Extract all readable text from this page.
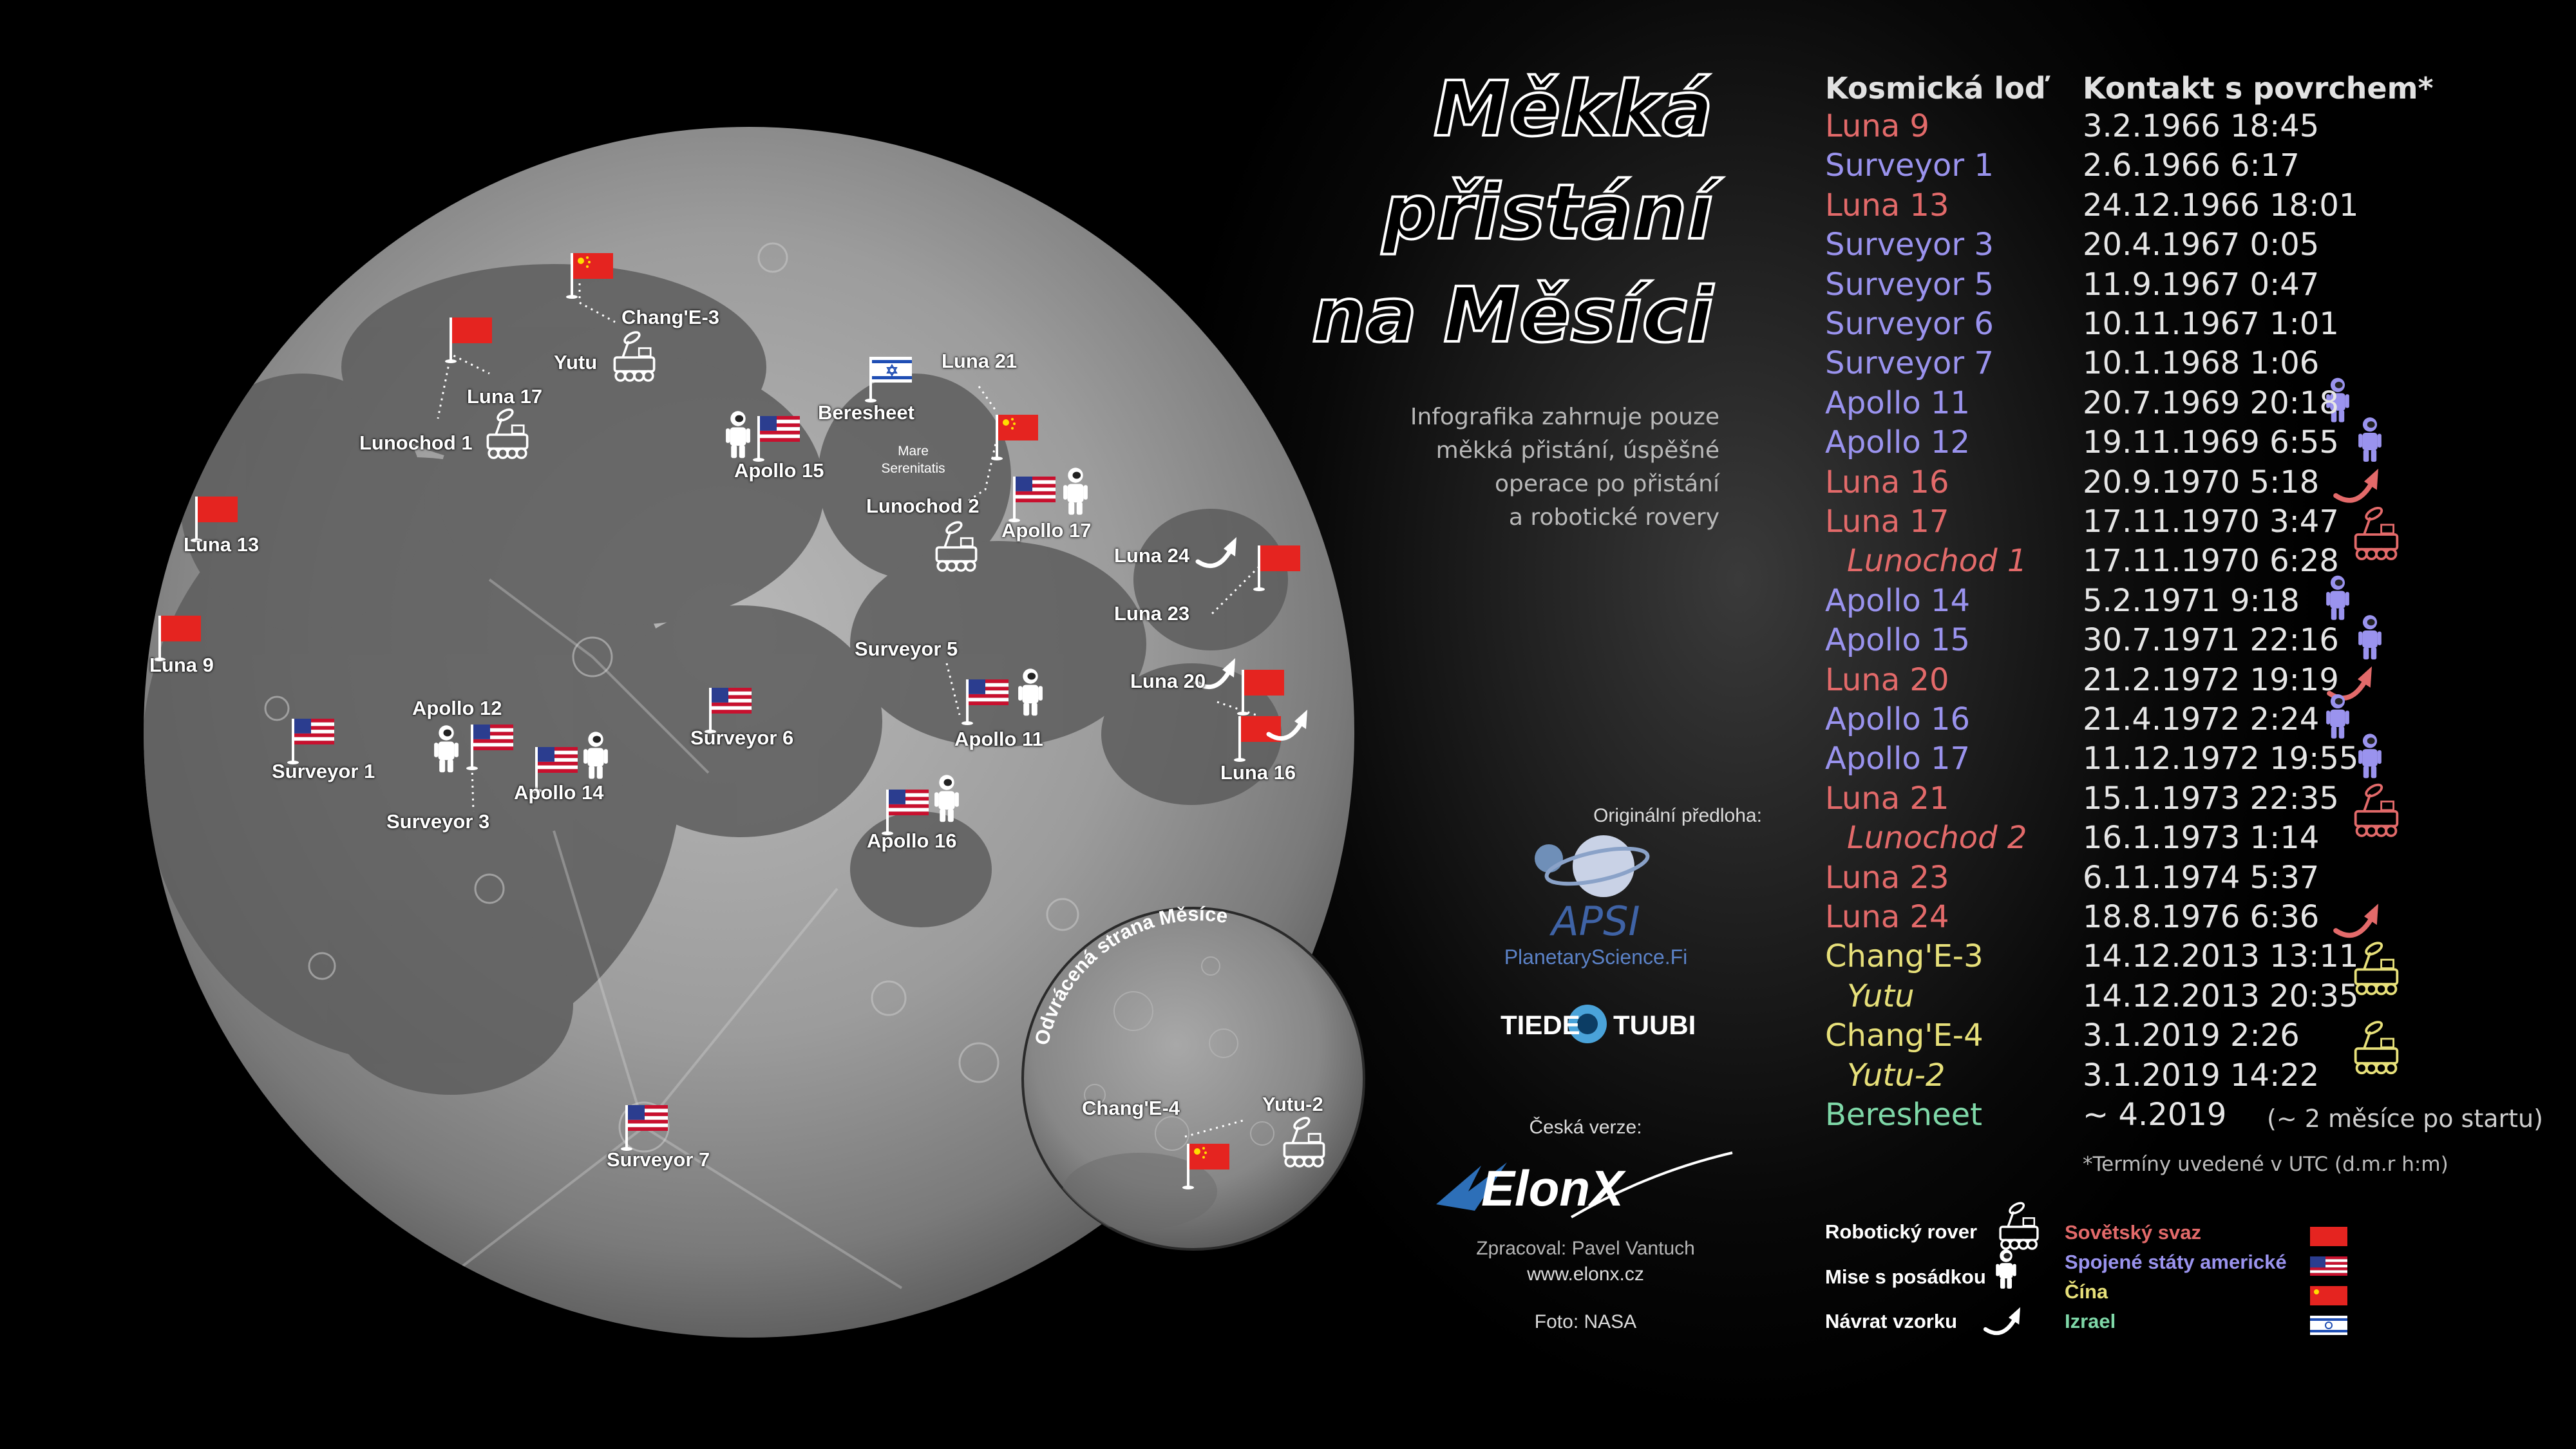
Odvrácená strana Měsíce
Mare
Serenitatis
APSI
Měkká
přistání
na Měsíci
Infografika zahrnuje pouze
měkká přistání, úspěšné
operace po přistání
a robotické rovery
Originální předloha:
PlanetaryScience.Fi
TIEDE TUUBI
Česká verze:
ElonX
Zpracoval: Pavel Vantuch
www.elonx.cz
Foto: NASA
Kosmická loď Kontakt s povrchem*
Luna 9	3.2.1966 18:45
Surveyor 1	2.6.1966 6:17
Luna 13	24.12.1966 18:01
Surveyor 3	20.4.1967 0:05
Surveyor 5	11.9.1967 0:47
Surveyor 6	10.11.1967 1:01
Surveyor 7	10.1.1968 1:06
Apollo 11	20.7.1969 20:18
Apollo 12	19.11.1969 6:55
Luna 16	20.9.1970 5:18
Luna 17	17.11.1970 3:47
Lunochod 1 17.11.1970 6:28
Apollo 14	5.2.1971 9:18
Apollo 15	30.7.1971 22:16
Luna 20	21.2.1972 19:19
Apollo 16	21.4.1972 2:24
Apollo 17	11.12.1972 19:55
Luna 21	15.1.1973 22:35
Lunochod 2 16.1.1973 1:14
Luna 23	6.11.1974 5:37
Luna 24	18.8.1976 6:36
Chang'E-3	14.12.2013 13:11
Yutu	14.12.2013 20:35
Chang'E-4	3.1.2019 2:26
Yutu-2	3.1.2019 14:22
Beresheet	~ 4.2019 (~ 2 měsíce po startu)
*Termíny uvedené v UTC (d.m.r h:m)
Robotický rover
Mise s posádkou
Návrat vzorku
Sovětský svaz
Spojené státy americké
Čína
Izrael
Luna 9
Luna 13
Luna 17
Lunochod 1
Yutu
Chang'E-3
Beresheet
Luna 21
Apollo 15
Lunochod 2
Apollo 17
Luna 24
Luna 23
Surveyor 5
Apollo 11
Luna 20
Luna 16
Apollo 12
Surveyor 1
Surveyor 3
Apollo 14
Surveyor 6
Apollo 16
Surveyor 7
Chang'E-4	Yutu-2
